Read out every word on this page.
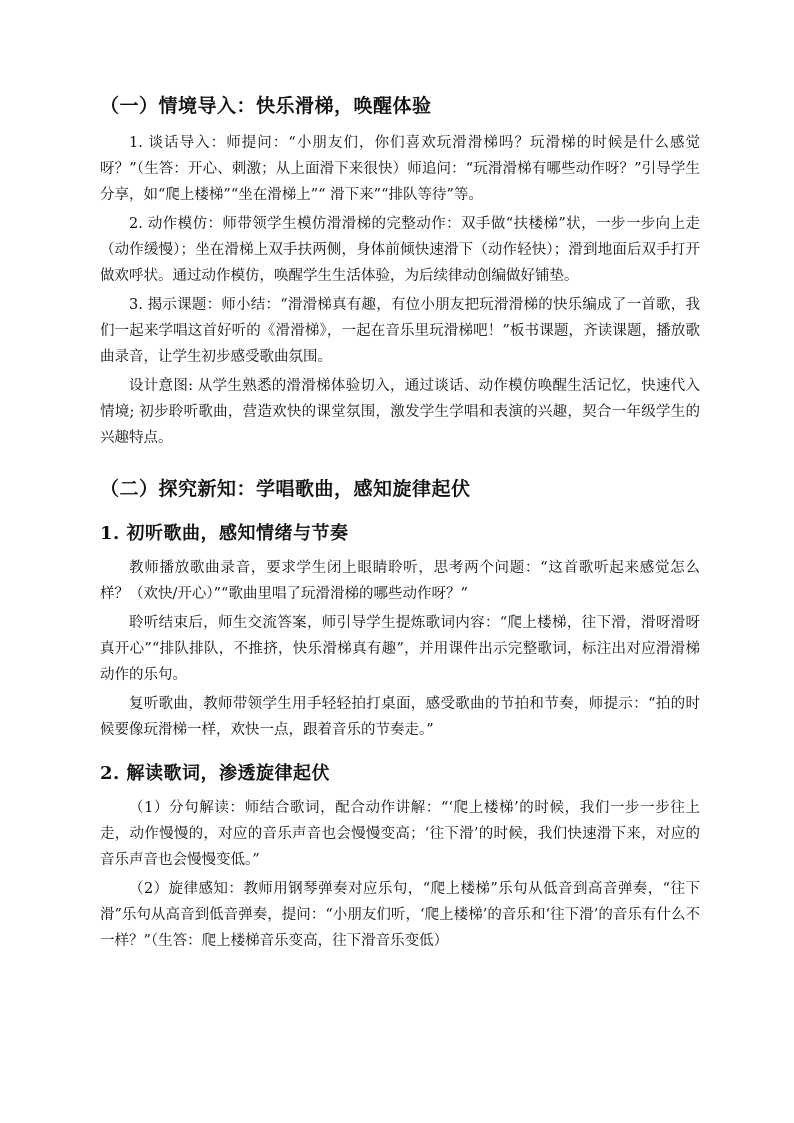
（一）情境导入：快乐滑梯，唤醒体验

1. 谈话导入：师提问：“小朋友们，你们喜欢玩滑滑梯吗？玩滑梯的时候是什么感觉呀？”（生答：开心、刺激；从上面滑下来很快）师追问：“玩滑滑梯有哪些动作呀？”引导学生分享，如“爬上楼梯”“坐在滑梯上”“ 滑下来”“排队等待”等。

2. 动作模仿：师带领学生模仿滑滑梯的完整动作：双手做“扶楼梯”状，一步一步向上走（动作缓慢）；坐在滑梯上双手扶两侧，身体前倾快速滑下（动作轻快）；滑到地面后双手打开做欢呼状。通过动作模仿，唤醒学生生活体验，为后续律动创编做好铺垫。

3. 揭示课题：师小结：“滑滑梯真有趣，有位小朋友把玩滑滑梯的快乐编成了一首歌，我们一起来学唱这首好听的《滑滑梯》，一起在音乐里玩滑梯吧！”板书课题，齐读课题，播放歌曲录音，让学生初步感受歌曲氛围。

设计意图: 从学生熟悉的滑滑梯体验切入，通过谈话、动作模仿唤醒生活记忆，快速代入情境; 初步聆听歌曲，营造欢快的课堂氛围，激发学生学唱和表演的兴趣，契合一年级学生的兴趣特点。

（二）探究新知：学唱歌曲，感知旋律起伏
1. 初听歌曲，感知情绪与节奏

教师播放歌曲录音，要求学生闭上眼睛聆听，思考两个问题：“这首歌听起来感觉怎么样？（欢快/开心）”“歌曲里唱了玩滑滑梯的哪些动作呀？”

聆听结束后，师生交流答案，师引导学生提炼歌词内容：“爬上楼梯，往下滑，滑呀滑呀真开心”“排队排队，不推挤，快乐滑梯真有趣”，并用课件出示完整歌词，标注出对应滑滑梯动作的乐句。

复听歌曲，教师带领学生用手轻轻拍打桌面，感受歌曲的节拍和节奏，师提示：“拍的时候要像玩滑梯一样，欢快一点，跟着音乐的节奏走。”

2. 解读歌词，渗透旋律起伏

（1）分句解读：师结合歌词，配合动作讲解：“‘爬上楼梯’的时候，我们一步一步往上走，动作慢慢的，对应的音乐声音也会慢慢变高；‘往下滑’的时候，我们快速滑下来，对应的音乐声音也会慢慢变低。”

（2）旋律感知：教师用钢琴弹奏对应乐句，“爬上楼梯”乐句从低音到高音弹奏，“往下滑”乐句从高音到低音弹奏，提问：“小朋友们听，‘爬上楼梯’的音乐和‘往下滑’的音乐有什么不一样？”（生答：爬上楼梯音乐变高，往下滑音乐变低）
